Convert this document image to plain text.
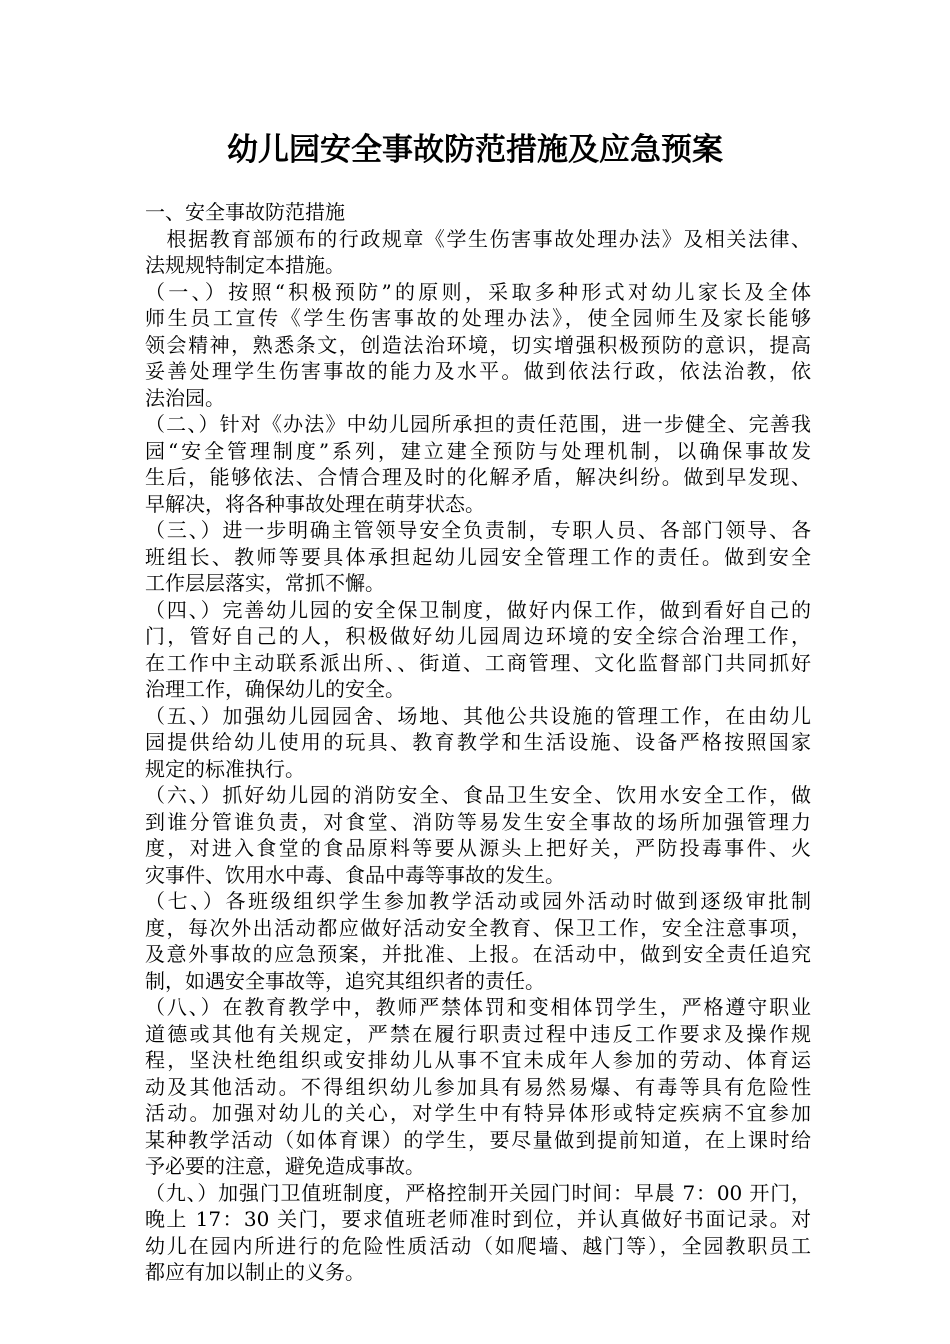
幼儿园安全事故防范措施及应急预案
一、安全事故防范措施
　根据教育部颁布的行政规章《学生伤害事故处理办法》及相关法律、
法规规特制定本措施。
（一、）按照“积极预防”的原则，采取多种形式对幼儿家长及全体
师生员工宣传《学生伤害事故的处理办法》，使全园师生及家长能够
领会精神，熟悉条文，创造法治环境，切实增强积极预防的意识，提高
妥善处理学生伤害事故的能力及水平。做到依法行政，依法治教，依
法治园。
（二、）针对《办法》中幼儿园所承担的责任范围，进一步健全、完善我
园“安全管理制度”系列，建立建全预防与处理机制，以确保事故发
生后，能够依法、合情合理及时的化解矛盾，解决纠纷。做到早发现、
早解决，将各种事故处理在萌芽状态。
（三、）进一步明确主管领导安全负责制，专职人员、各部门领导、各
班组长、教师等要具体承担起幼儿园安全管理工作的责任。做到安全
工作层层落实，常抓不懈。
（四、）完善幼儿园的安全保卫制度，做好内保工作，做到看好自己的
门，管好自己的人，积极做好幼儿园周边环境的安全综合治理工作，
在工作中主动联系派出所、、街道、工商管理、文化监督部门共同抓好
治理工作，确保幼儿的安全。
（五、）加强幼儿园园舍、场地、其他公共设施的管理工作，在由幼儿
园提供给幼儿使用的玩具、教育教学和生活设施、设备严格按照国家
规定的标准执行。
（六、）抓好幼儿园的消防安全、食品卫生安全、饮用水安全工作，做
到谁分管谁负责，对食堂、消防等易发生安全事故的场所加强管理力
度，对进入食堂的食品原料等要从源头上把好关，严防投毒事件、火
灾事件、饮用水中毒、食品中毒等事故的发生。
（七、）各班级组织学生参加教学活动或园外活动时做到逐级审批制
度，每次外出活动都应做好活动安全教育、保卫工作，安全注意事项，
及意外事故的应急预案，并批准、上报。在活动中，做到安全责任追究
制，如遇安全事故等，追究其组织者的责任。
（八、）在教育教学中，教师严禁体罚和变相体罚学生，严格遵守职业
道德或其他有关规定，严禁在履行职责过程中违反工作要求及操作规
程，坚決杜绝组织或安排幼儿从事不宜未成年人参加的劳动、体育运
动及其他活动。不得组织幼儿参加具有易然易爆、有毒等具有危险性
活动。加强对幼儿的关心，对学生中有特异体形或特定疾病不宜参加
某种教学活动（如体育课）的学生，要尽量做到提前知道，在上课时给
予必要的注意，避免造成事故。
（九、）加强门卫值班制度，严格控制开关园门时间：早晨 7：00 开门，
晚上 17：30 关门，要求值班老师准时到位，并认真做好书面记录。对
幼儿在园内所进行的危险性质活动（如爬墙、越门等），全园教职员工
都应有加以制止的义务。
